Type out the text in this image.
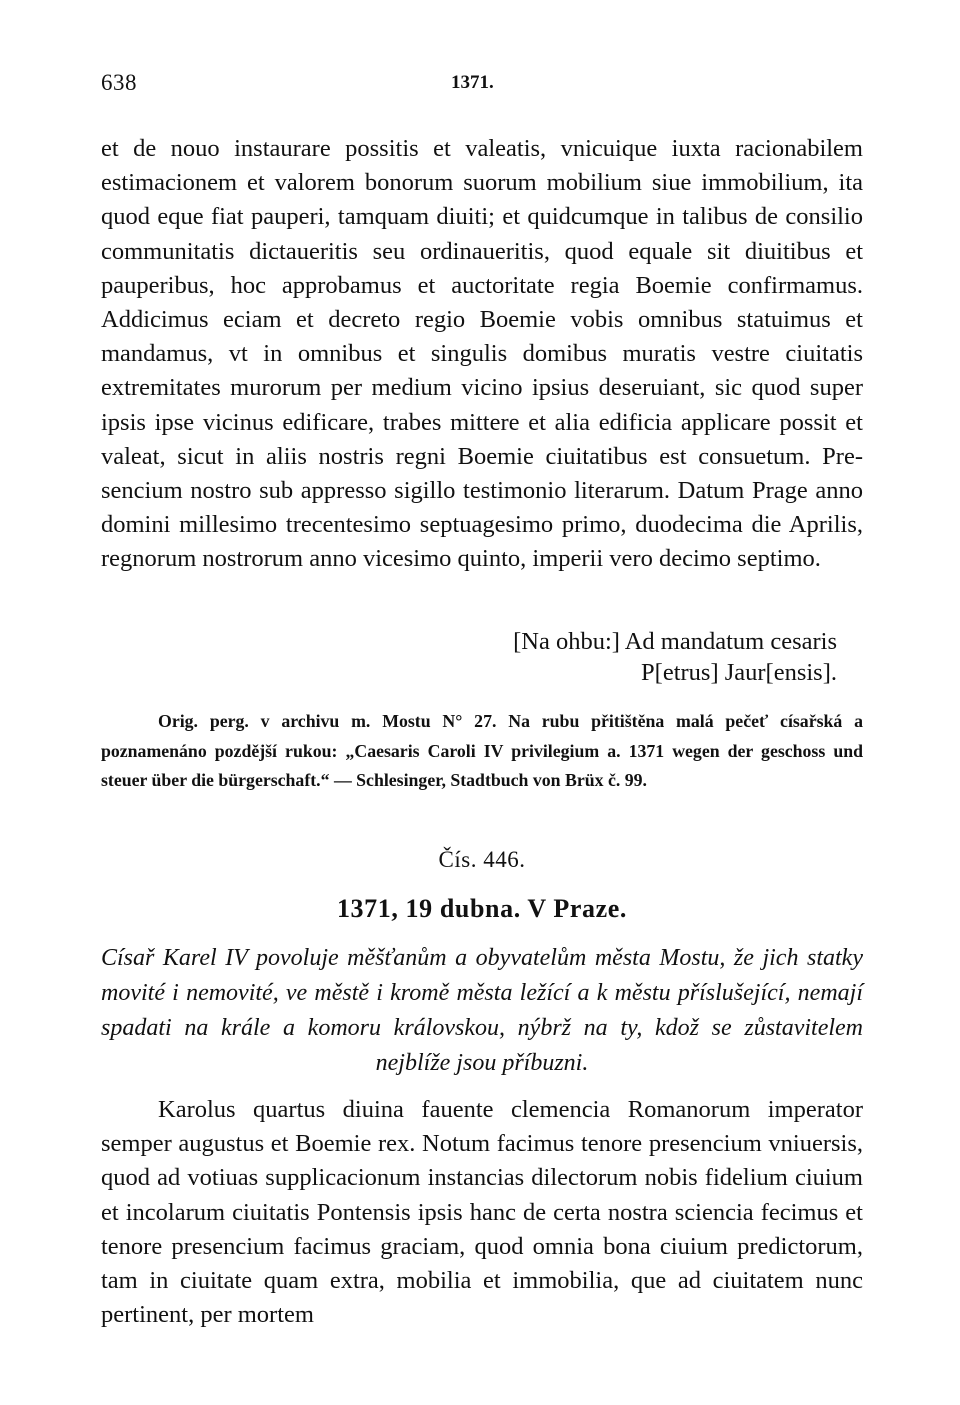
638	1371.

et de nouo instaurare possitis et valeatis, vnicuique iuxta racionabilem estimacionem et valorem bonorum suorum mobilium siue immobilium, ita quod eque fiat pauperi, tamquam diuiti; et quidcumque in talibus de consilio communitatis dictaueritis seu ordinaueritis, quod equale sit diuitibus et pauperibus, hoc approbamus et auctoritate regia Boemie confirmamus. Addicimus eciam et decreto regio Boemie vobis omnibus statuimus et mandamus, vt in omnibus et singulis domibus muratis vestre ciuitatis extremitates murorum per medium vicino ipsius deseruiant, sic quod super ipsis ipse vicinus edificare, trabes mittere et alia edificia applicare possit et valeat, sicut in aliis nostris regni Boemie ciuitatibus est consuetum. Presencium nostro sub appresso sigillo testimonio literarum. Datum Prage anno domini millesimo trecentesimo septuagesimo primo, duodecima die Aprilis, regnorum nostrorum anno vicesimo quinto, imperii vero decimo septimo.

[Na ohbu:] Ad mandatum cesaris
P[etrus] Jaur[ensis].

Orig. perg. v archivu m. Mostu N° 27. Na rubu přitištěna malá pečeť císařská a poznamenáno pozdější rukou: „Caesaris Caroli IV privilegium a. 1371 wegen der geschoss und steuer über die bürgerschaft.“ — Schlesinger, Stadtbuch von Brüx č. 99.

Čís. 446.
1371, 19 dubna. V Praze.

Císař Karel IV povoluje měšťanům a obyvatelům města Mostu, že jich statky movité i nemovité, ve městě i kromě města ležící a k městu příslušející, nemají spadati na krále a komoru královskou, nýbrž na ty, kdož se zůstavitelem nejblíže jsou příbuzni.

Karolus quartus diuina fauente clemencia Romanorum imperator semper augustus et Boemie rex. Notum facimus tenore presencium vniuersis, quod ad votiuas supplicacionum instancias dilectorum nobis fidelium ciuium et incolarum ciuitatis Pontensis ipsis hanc de certa nostra sciencia fecimus et tenore presencium facimus graciam, quod omnia bona ciuium predictorum, tam in ciuitate quam extra, mobilia et immobilia, que ad ciuitatem nunc pertinent, per mortem
